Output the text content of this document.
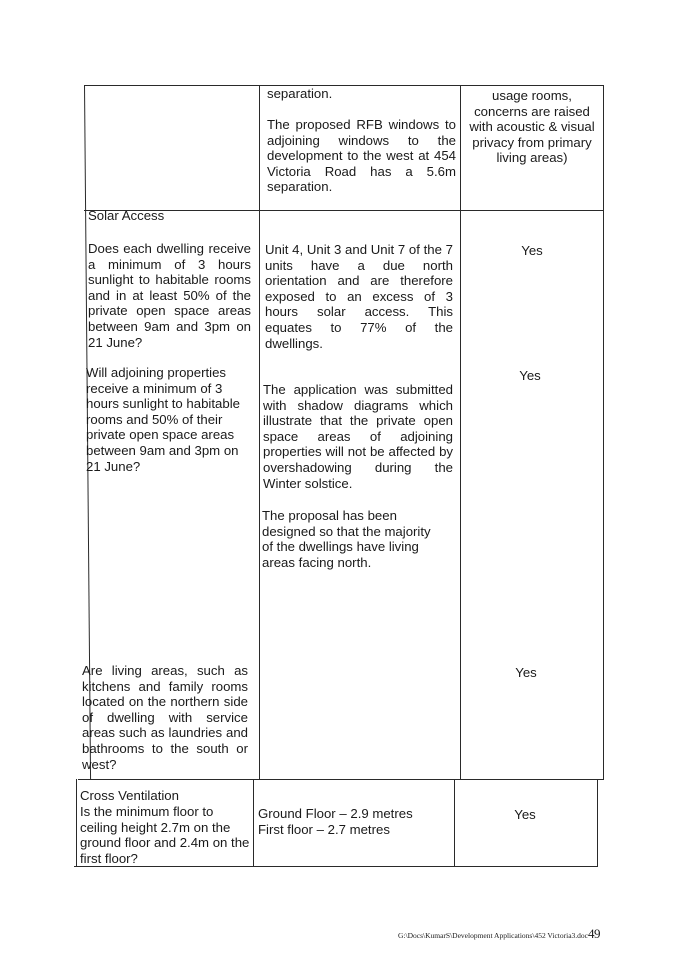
separation.
The proposed RFB windows to adjoining windows to the development to the west at 454 Victoria Road has a 5.6m separation.
usage rooms, concerns are raised with acoustic & visual privacy from primary living areas)
Solar Access
Does each dwelling receive a minimum of 3 hours sunlight to habitable rooms and in at least 50% of the private open space areas between 9am and 3pm on 21 June?
Unit 4, Unit 3 and Unit 7 of the 7 units have a due north orientation and are therefore exposed to an excess of 3 hours solar access. This equates to 77% of the dwellings.
Yes
Will adjoining properties receive a minimum of 3 hours sunlight to habitable rooms and 50% of their private open space areas between 9am and 3pm on 21 June?
The application was submitted with shadow diagrams which illustrate that the private open space areas of adjoining properties will not be affected by overshadowing during the Winter solstice.
The proposal has been designed so that the majority of the dwellings have living areas facing north.
Yes
Are living areas, such as kitchens and family rooms located on the northern side of dwelling with service areas such as laundries and bathrooms to the south or west?
Yes
Cross Ventilation
Is the minimum floor to ceiling height 2.7m on the ground floor and 2.4m on the first floor?
Ground Floor – 2.9 metres
First floor – 2.7 metres
Yes
G:\Docs\KumarS\Development Applications\452 Victoria3.doc49
